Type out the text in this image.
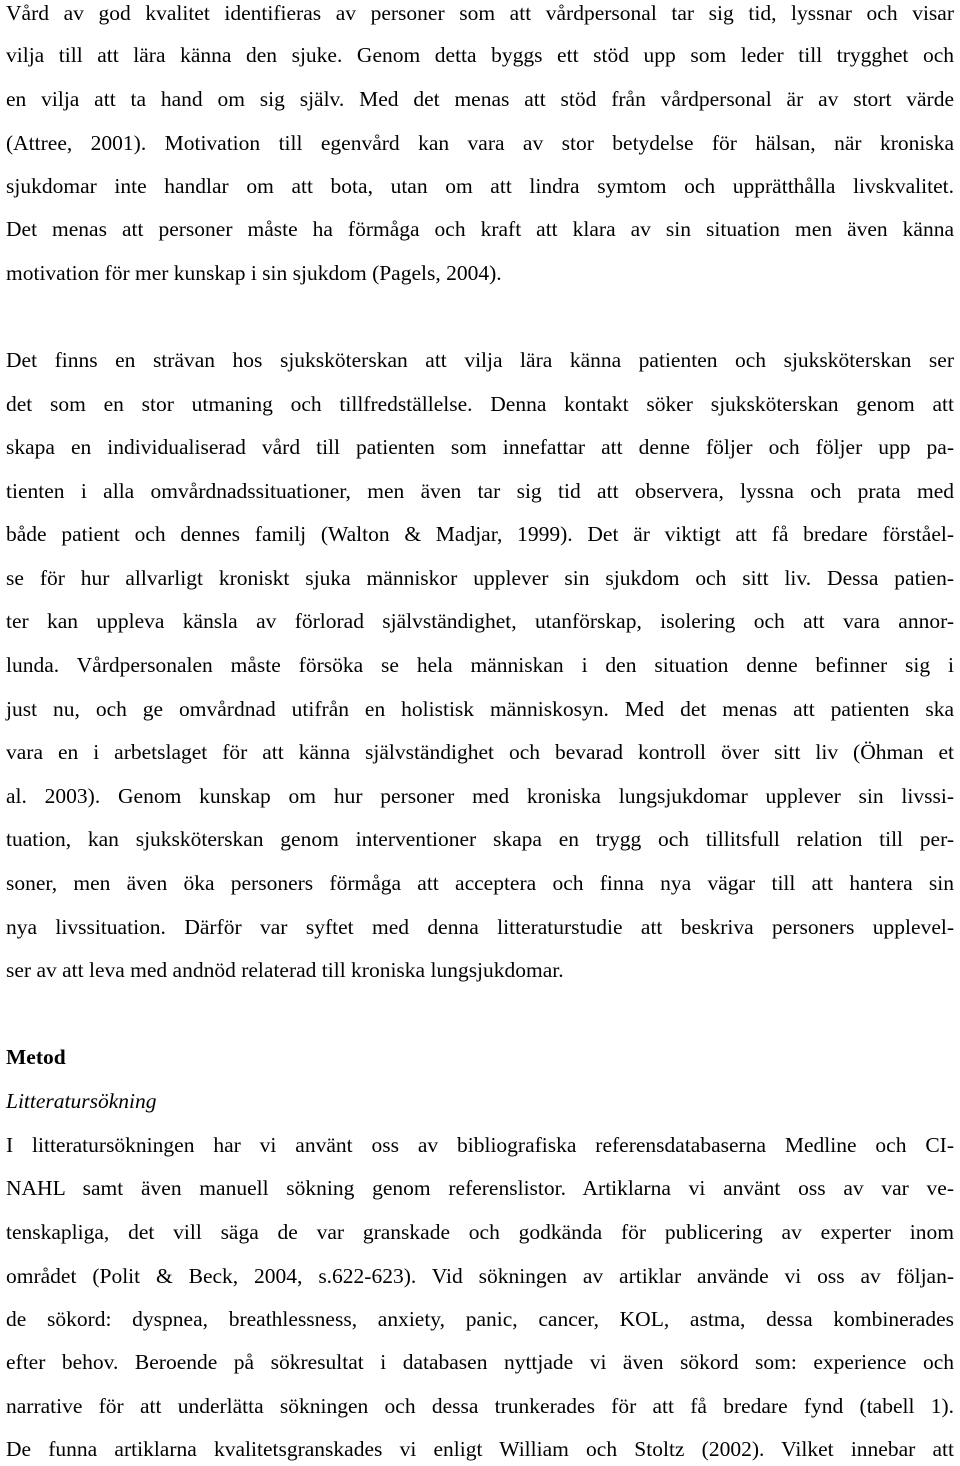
Vård av god kvalitet identifieras av personer som att vårdpersonal tar sig tid, lyssnar och visar
vilja till att lära känna den sjuke. Genom detta byggs ett stöd upp som leder till trygghet och
en vilja att ta hand om sig själv. Med det menas att stöd från vårdpersonal är av stort värde
(Attree, 2001). Motivation till egenvård kan vara av stor betydelse för hälsan, när kroniska
sjukdomar inte handlar om att bota, utan om att lindra symtom och upprätthålla livskvalitet.
Det menas att personer måste ha förmåga och kraft att klara av sin situation men även känna
motivation för mer kunskap i sin sjukdom (Pagels, 2004).
Det finns en strävan hos sjuksköterskan att vilja lära känna patienten och sjuksköterskan ser
det som en stor utmaning och tillfredställelse. Denna kontakt söker sjuksköterskan genom att
skapa en individualiserad vård till patienten som innefattar att denne följer och följer upp pa-
tienten i alla omvårdnadssituationer, men även tar sig tid att observera, lyssna och prata med
både patient och dennes familj (Walton & Madjar, 1999). Det är viktigt att få bredare förståel-
se för hur allvarligt kroniskt sjuka människor upplever sin sjukdom och sitt liv. Dessa patien-
ter kan uppleva känsla av förlorad självständighet, utanförskap, isolering och att vara annor-
lunda. Vårdpersonalen måste försöka se hela människan i den situation denne befinner sig i
just nu, och ge omvårdnad utifrån en holistisk människosyn. Med det menas att patienten ska
vara en i arbetslaget för att känna självständighet och bevarad kontroll över sitt liv (Öhman et
al. 2003). Genom kunskap om hur personer med kroniska lungsjukdomar upplever sin livssi-
tuation, kan sjuksköterskan genom interventioner skapa en trygg och tillitsfull relation till per-
soner, men även öka personers förmåga att acceptera och finna nya vägar till att hantera sin
nya livssituation. Därför var syftet med denna litteraturstudie att beskriva personers upplevel-
ser av att leva med andnöd relaterad till kroniska lungsjukdomar.
Metod
Litteratursökning
I litteratursökningen har vi använt oss av bibliografiska referensdatabaserna Medline och CI-
NAHL samt även manuell sökning genom referenslistor. Artiklarna vi använt oss av var ve-
tenskapliga, det vill säga de var granskade och godkända för publicering av experter inom
området (Polit & Beck, 2004, s.622-623). Vid sökningen av artiklar använde vi oss av följan-
de sökord: dyspnea, breathlessness, anxiety, panic, cancer, KOL, astma, dessa kombinerades
efter behov. Beroende på sökresultat i databasen nyttjade vi även sökord som: experience och
narrative för att underlätta sökningen och dessa trunkerades för att få bredare fynd (tabell 1).
De funna artiklarna kvalitetsgranskades vi enligt William och Stoltz (2002). Vilket innebar att
